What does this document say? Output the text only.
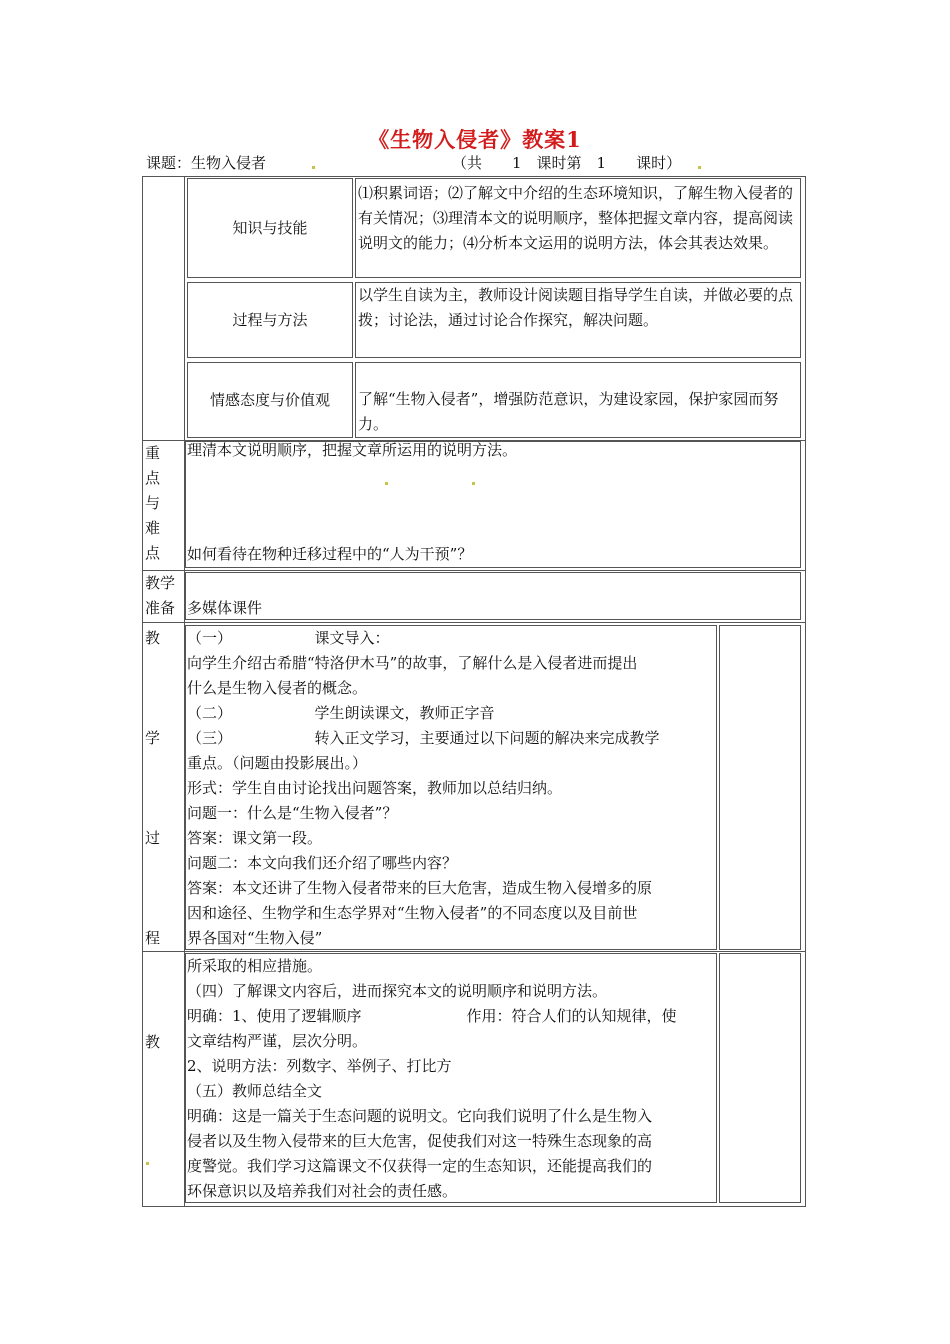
《生物入侵者》教案1
课题：生物入侵者	（共　　1　课时第　1　　课时）
知识与技能
⑴积累词语；⑵了解文中介绍的生态环境知识，了解生物入侵者的有关情况；⑶理清本文的说明顺序，整体把握文章内容，提高阅读说明文的能力；⑷分析本文运用的说明方法，体会其表达效果。
过程与方法
以学生自读为主，教师设计阅读题目指导学生自读，并做必要的点拨；讨论法，通过讨论合作探究，解决问题。
情感态度与价值观	了解“生物入侵者”，增强防范意识，为建设家园，保护家园而努力。

重

点

与

难

点

理清本文说明顺序，把握文章所运用的说明方法。
如何看待在物种迁移过程中的“人为干预”？

教学

准备 多媒体课件
教
学
过
程

（一）　　　　　　课文导入：

向学生介绍古希腊“特洛伊木马”的故事，了解什么是入侵者进而提出

什么是生物入侵者的概念。

（二）　　　　　　学生朗读课文，教师正字音

（三）　　　　　　转入正文学习，主要通过以下问题的解决来完成教学

重点。（问题由投影展出。）

形式：学生自由讨论找出问题答案，教师加以总结归纳。

问题一：什么是“生物入侵者”？

答案：课文第一段。

问题二：本文向我们还介绍了哪些内容？

答案：本文还讲了生物入侵者带来的巨大危害，造成生物入侵增多的原

因和途径、生物学和生态学界对“生物入侵者”的不同态度以及目前世

界各国对“生物入侵”

教

所采取的相应措施。

（四）了解课文内容后，进而探究本文的说明顺序和说明方法。

明确：1、使用了逻辑顺序　　　　　　　作用：符合人们的认知规律，使

文章结构严谨，层次分明。

2、说明方法：列数字、举例子、打比方

（五）教师总结全文

明确：这是一篇关于生态问题的说明文。它向我们说明了什么是生物入

侵者以及生物入侵带来的巨大危害，促使我们对这一特殊生态现象的高

度警觉。我们学习这篇课文不仅获得一定的生态知识，还能提高我们的

环保意识以及培养我们对社会的责任感。
